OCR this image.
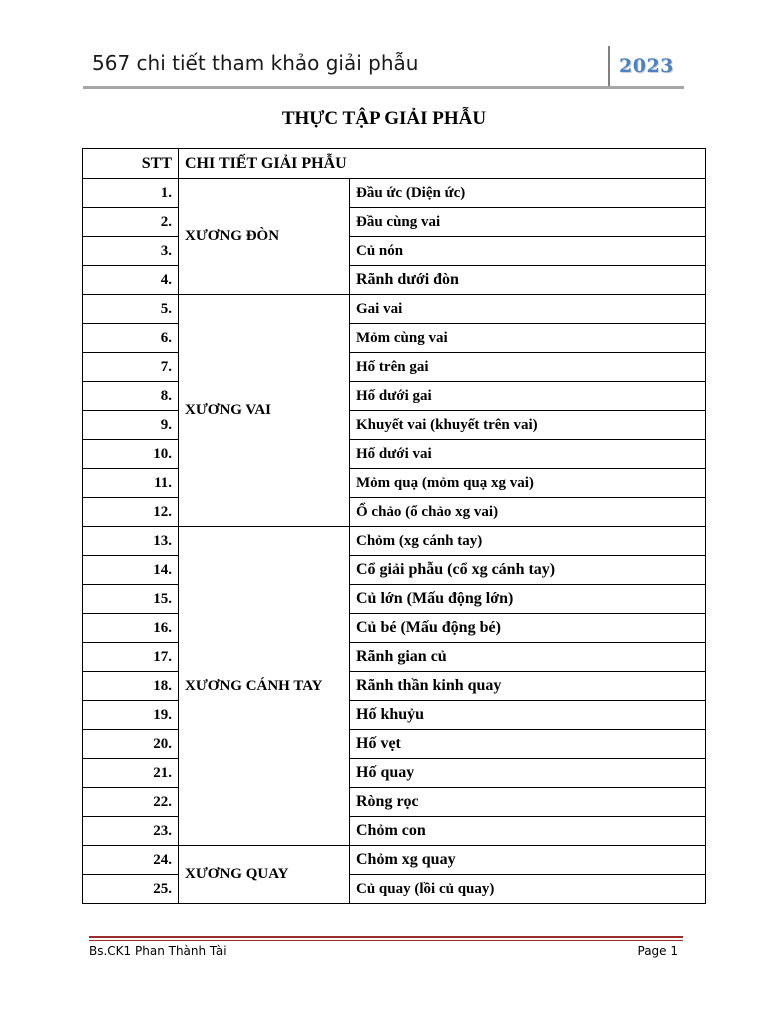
567 chi tiết tham khảo giải phẫu	2023
THỰC TẬP GIẢI PHẪU
STT	CHI TIẾT GIẢI PHẪU	
1.	XƯƠNG ĐÒN	Đầu ức (Diện ức)
2.		Đầu cùng vai
3.		Củ nón
4.		Rãnh dưới đòn
5.	XƯƠNG VAI	Gai vai
6.		Mỏm cùng vai
7.		Hố trên gai
8.		Hố dưới gai
9.		Khuyết vai (khuyết trên vai)
10.		Hố dưới vai
11.		Mỏm quạ (mỏm quạ xg vai)
12.		Ổ chảo (ổ chảo xg vai)
13.	XƯƠNG CÁNH TAY	Chỏm (xg cánh tay)
14.		Cổ giải phẫu (cổ xg cánh tay)
15.		Củ lớn (Mấu động lớn)
16.		Củ bé (Mấu động bé)
17.		Rãnh gian củ
18.		Rãnh thần kinh quay
19.		Hố khuỷu
20.		Hố vẹt
21.		Hố quay
22.		Ròng rọc
23.		Chỏm con
24.	XƯƠNG QUAY	Chỏm xg quay
25.		Củ quay (lồi củ quay)
Bs.CK1 Phan Thành Tài	Page 1
